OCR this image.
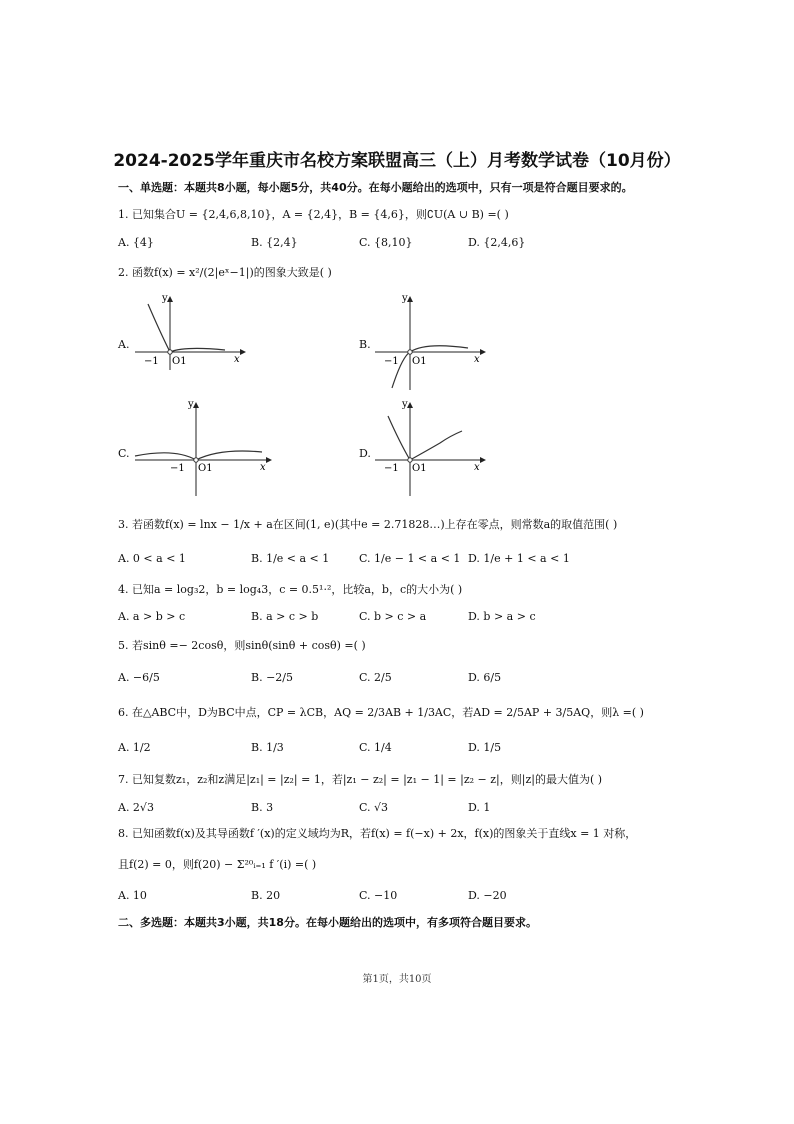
2024-2025学年重庆市名校方案联盟高三（上）月考数学试卷（10月份）
一、单选题：本题共8小题，每小题5分，共40分。在每小题给出的选项中，只有一项是符合题目要求的。
1. 已知集合U = {2,4,6,8,10}，A = {2,4}，B = {4,6}，则∁U(A ∪ B) =( )
A. {4}	B. {2,4}	C. {8,10}	D. {2,4,6}
2. 函数f(x) = x²/(2|eˣ−1|)的图象大致是( )
A.
y
x
−1 O1
B.
y
x
−1 O1
C.
y
x
−1 O1
D.
y
x
−1 O1
3. 若函数f(x) = lnx − 1/x + a在区间(1, e)(其中e = 2.71828…)上存在零点，则常数a的取值范围( )
A. 0 < a < 1	B. 1/e < a < 1	C. 1/e − 1 < a < 1 D. 1/e + 1 < a < 1
4. 已知a = log₃2，b = log₄3，c = 0.5¹·²，比较a，b，c的大小为( )
A. a > b > c	B. a > c > b	C. b > c > a	D. b > a > c
5. 若sinθ =− 2cosθ，则sinθ(sinθ + cosθ) =( )
A. −6/5	B. −2/5	C. 2/5	D. 6/5
6. 在△ABC中，D为BC中点，CP = λCB，AQ = 2/3AB + 1/3AC，若AD = 2/5AP + 3/5AQ，则λ =( )
A. 1/2	B. 1/3	C. 1/4	D. 1/5
7. 已知复数z₁，z₂和z满足|z₁| = |z₂| = 1，若|z₁ − z₂| = |z₁ − 1| = |z₂ − z|，则|z|的最大值为( )
A. 2√3	B. 3	C. √3	D. 1
8. 已知函数f(x)及其导函数f ′(x)的定义域均为R，若f(x) = f(−x) + 2x，f(x)的图象关于直线x = 1 对称，
且f(2) = 0，则f(20) − Σ²⁰ᵢ₌₁ f ′(i) =( )
A. 10	B. 20	C. −10	D. −20
二、多选题：本题共3小题，共18分。在每小题给出的选项中，有多项符合题目要求。
第1页，共10页
